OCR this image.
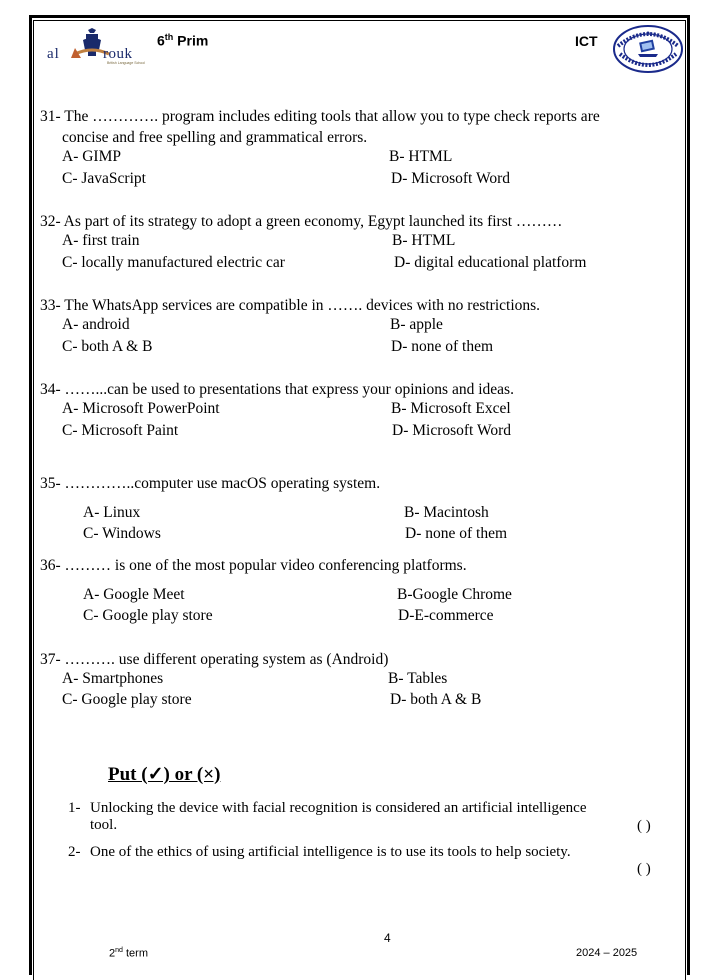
al	rouk
British Language School
6th Prim	ICT
31- The …………. program includes editing tools that allow you to type check reports are
concise and free spelling and grammatical errors.
A- GIMP	B- HTML
C- JavaScript	D- Microsoft Word
32- As part of its strategy to adopt a green economy, Egypt launched its first ………
A- first train	B- HTML
C- locally manufactured electric car	D- digital educational platform
33- The WhatsApp services are compatible in ……. devices with no restrictions.
A- android	B- apple
C- both A & B	D- none of them
34- ……...can be used to presentations that express your opinions and ideas.
A- Microsoft PowerPoint	B- Microsoft Excel
C- Microsoft Paint	D- Microsoft Word
35- …………..computer use macOS operating system.
A- Linux	B- Macintosh
C- Windows	D- none of them
36- ……… is one of the most popular video conferencing platforms.
A- Google Meet	B-Google Chrome
C- Google play store	D-E-commerce
37- ………. use different operating system as (Android)
A- Smartphones	B- Tables
C- Google play store	D- both A & B
Put (✓) or (×)
1- Unlocking the device with facial recognition is considered an artificial intelligence tool.	( )
2- One of the ethics of using artificial intelligence is to use its tools to help society.
( )
4
2nd term	2024 – 2025
